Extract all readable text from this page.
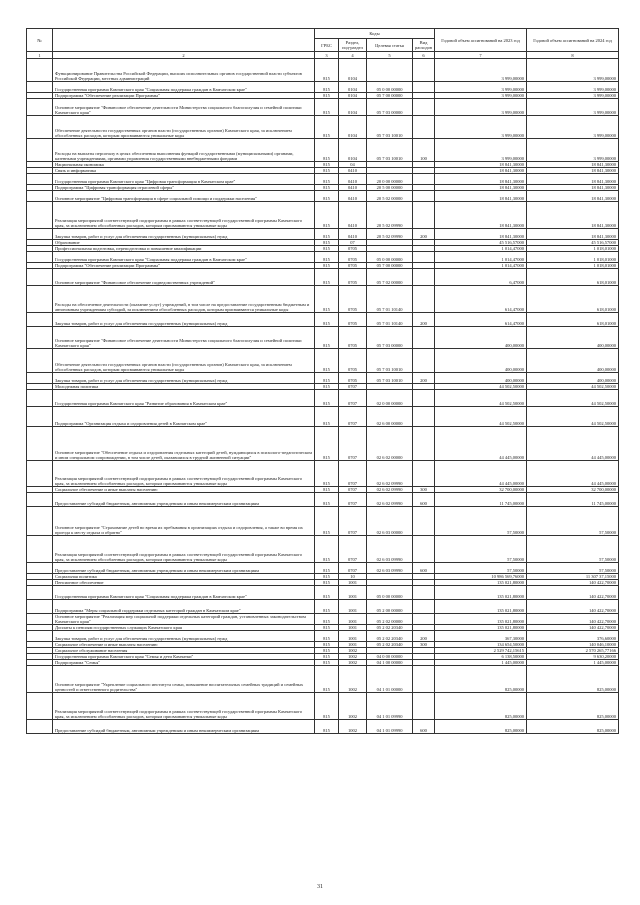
№		Коды				Годовой объем ассигнований на 2023 год	Годовой объем ассигнований на 2024 год
		ГРБС	Раздел, под-раздел	Целевая статья	Вид расходов		
1	2	3	4	5	6	7	8
	Функционирование Правительства Российской Федерации, высших исполнительных органов государственной власти субъектов Российской Федерации, местных администраций	815	0104			3 999,00000	3 999,00000
	Государственная программа Камчатского края "Социальная поддержка граждан в Камчатском крае"	815	0104	05 0 00 00000		3 999,00000	3 999,00000
	Подпрограмма "Обеспечение реализации Программы"	815	0104	05 7 00 00000		3 999,00000	3 999,00000
	Основное мероприятие "Финансовое обеспечение деятельности Министерства социального благополучия и семейной политики Камчатского края"	815	0104	05 7 03 00000		3 999,00000	3 999,00000
	Обеспечение деятельности государственных органов власти (государственных органов) Камчатского края, за исключением обособленных расходов, которым присваиваются уникальные коды	815	0104	05 7 03 10010		3 999,00000	3 999,00000
	Расходы на выплаты персоналу в целях обеспечения выполнения функций государственными (муниципальными) органами, казенными учреждениями, органами управления государственными внебюджетными фондами	815	0104	05 7 03 10010	100	3 999,00000	3 999,00000
	Национальная экономика	815	04			18 841,30000	18 841,30000
	Связь и информатика	815	0410			18 841,30000	18 841,30000
	Государственная программа Камчатского края "Цифровая трансформация в Камчатском крае"	815	0410	20 0 00 00000		18 841,30000	18 841,30000
	Подпрограмма "Цифровая трансформация отраслевой сферы"	815	0410	20 5 00 00000		18 841,30000	18 841,30000
	Основное мероприятие "Цифровая трансформация в сфере социальной помощи и поддержки населения"	815	0410	20 5 02 00000		18 841,30000	18 841,30000
	Реализация мероприятий соответствующей подпрограммы в рамках соответствующей государственной программы Камчатского края, за исключением обособленных расходов, которым присваиваются уникальные коды	815	0410	20 5 02 09990		18 841,30000	18 841,30000
	Закупка товаров, работ и услуг для обеспечения государственных (муниципальных) нужд	815	0410	20 5 02 09990	200	18 841,30000	18 841,30000
	Образование	815	07			45 516,57000	45 516,57000
	Профессиональная подготовка, переподготовка и повышение квалификации	815	0705			1 014,47000	1 018,01000
	Государственная программа Камчатского края "Социальная поддержка граждан в Камчатском крае"	815	0705	05 0 00 00000		1 014,47000	1 018,01000
	Подпрограмма "Обеспечение реализации Программы"	815	0705	05 7 00 00000		1 014,47000	1 018,01000
	Основное мероприятие "Финансовое обеспечение подведомственных учреждений"	815	0705	05 7 02 00000		6,47000	618,01000
	Расходы на обеспечение деятельности (оказание услуг) учреждений, в том числе на предоставление государственным бюджетным и автономным учреждениям субсидий, за исключением обособленных расходов, которым присваиваются уникальные коды	815	0705	05 7 01 10140		614,47000	618,01000
	Закупка товаров, работ и услуг для обеспечения государственных (муниципальных) нужд	815	0705	05 7 01 10140	200	614,47000	618,01000
	Основное мероприятие "Финансовое обеспечение деятельности Министерства социального благополучия и семейной политики Камчатского края"	815	0705	05 7 03 00000		400,00000	400,00000
	Обеспечение деятельности государственных органов власти (государственных органов) Камчатского края, за исключением обособленных расходов, которым присваиваются уникальные коды	815	0705	05 7 03 10010		400,00000	400,00000
	Закупка товаров, работ и услуг для обеспечения государственных (муниципальных) нужд	815	0705	05 7 03 10010	200	400,00000	400,00000
	Молодежная политика	815	0707			44 502,50000	44 502,50000
	Государственная программа Камчатского края "Развитие образования в Камчатском крае"	815	0707	02 0 00 00000		44 502,50000	44 502,50000
	Подпрограмма "Организация отдыха и оздоровления детей в Камчатском крае"	815	0707	02 6 00 00000		44 502,50000	44 502,50000
	Основное мероприятие "Обеспечение отдыха и оздоровления отдельных категорий детей, нуждающихся в психолого-педагогическом и ином специальном сопровождении, в том числе детей, оказавшихся в трудной жизненной ситуации"	815	0707	02 6 02 00000		44 445,00000	44 445,00000
	Реализация мероприятий соответствующей подпрограммы в рамках соответствующей государственной программы Камчатского края, за исключением обособленных расходов, которым присваиваются уникальные коды	815	0707	02 6 02 09990		44 445,00000	44 445,00000
	Социальное обеспечение и иные выплаты населению	815	0707	02 6 02 09990	300	32 700,00000	32 700,00000
	Предоставление субсидий бюджетным, автономным учреждениям и иным некоммерческим организациям	815	0707	02 6 02 09990	600	11 745,00000	11 745,00000
	Основное мероприятие "Страхование детей во время их пребывания в организациях отдыха и оздоровления, а также во время их проезда к месту отдыха и обратно"	815	0707	02 6 03 00000		57,50000	57,50000
	Реализация мероприятий соответствующей подпрограммы в рамках соответствующей государственной программы Камчатского края, за исключением обособленных расходов, которым присваиваются уникальные коды	815	0707	02 6 03 09990		57,50000	57,50000
	Предоставление субсидий бюджетным, автономным учреждениям и иным некоммерческим организациям	815	0707	02 6 03 09990	600	57,50000	57,50000
	Социальная политика	815	10			10 986 569,76000	11 307 37,15000
	Пенсионное обеспечение	815	1001			135 021,80000	140 422,70000
	Государственная программа Камчатского края "Социальная поддержка граждан в Камчатском крае"	815	1001	05 0 00 00000		135 021,80000	140 422,70000
	Подпрограмма "Меры социальной поддержки отдельных категорий граждан в Камчатском крае"	815	1001	05 2 00 00000		135 021,80000	140 422,70000
	Основное мероприятие "Реализация мер социальной поддержки отдельных категорий граждан, установленных законодательством Камчатского края"	815	1001	05 2 02 00000		135 021,80000	140 422,70000
	Доплаты к пенсиям государственных служащих Камчатского края	815	1001	05 2 02 20340		135 021,80000	140 422,70000
	Закупка товаров, работ и услуг для обеспечения государственных (муниципальных) нужд	815	1001	05 2 02 20340	200	367,30000	376,60000
	Социальное обеспечение и иные выплаты населению	815	1001	05 2 02 20340	300	134 654,50000	140 046,10000
	Социальное обслуживание населения	815	1002			2 529 742,15615	2 570 265,77166
	Государственная программа Камчатского края "Семья и дети Камчатки"	815	1002	04 0 00 00000		6 138,50000	9 630,20000
	Подпрограмма "Семья"	815	1002	04 1 00 00000		1 445,00000	1 445,00000
	Основное мероприятие "Укрепление социального института семьи, повышение воспитательных семейных традиций и семейных ценностей и ответственного родительства"	815	1002	04 1 01 00000		825,00000	825,00000
	Реализация мероприятий соответствующей подпрограммы в рамках соответствующей государственной программы Камчатского края, за исключением обособленных расходов, которым присваиваются уникальные коды	815	1002	04 1 01 09990		825,00000	825,00000
	Предоставление субсидий бюджетным, автономным учреждениям и иным некоммерческим организациям	815	1002	04 1 01 09990	600	825,00000	825,00000
31
